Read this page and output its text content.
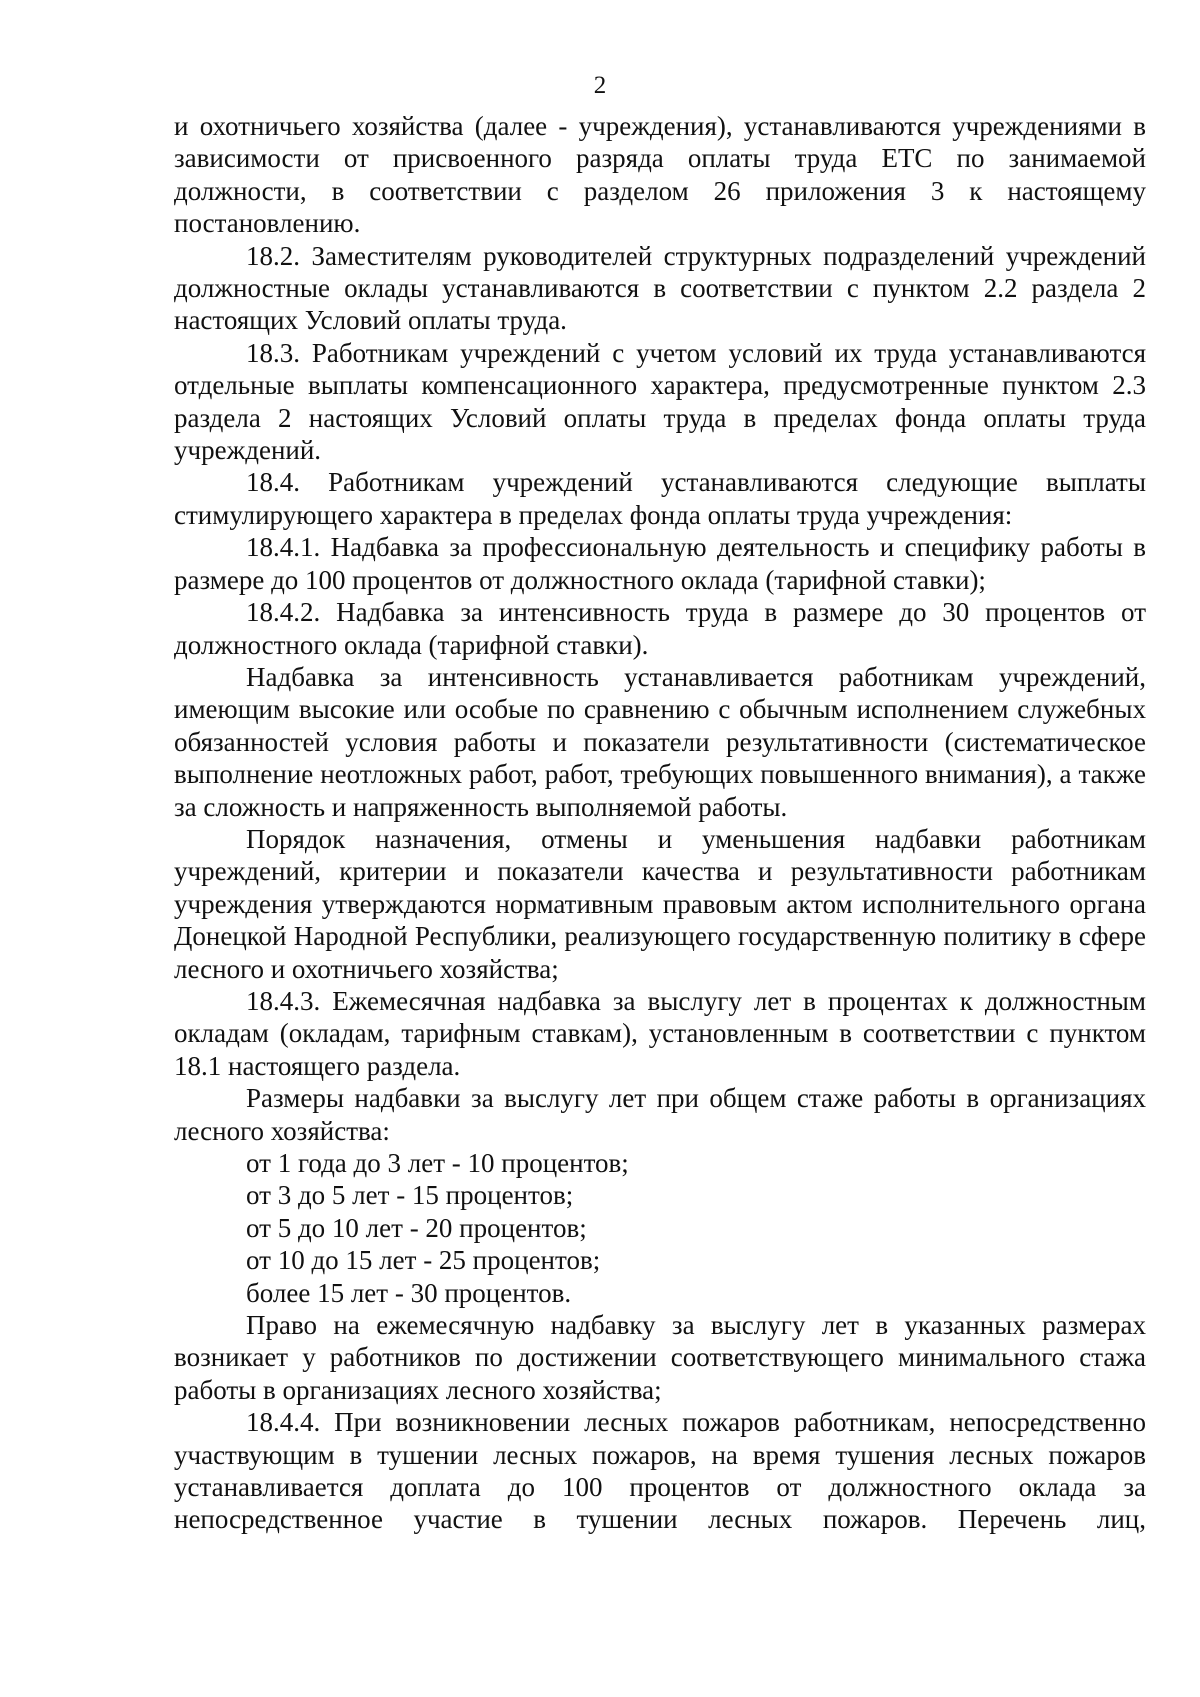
2

и охотничьего хозяйства (далее - учреждения), устанавливаются учреждениями в зависимости от присвоенного разряда оплаты труда ЕТС по занимаемой должности, в соответствии с разделом 26 приложения 3 к настоящему постановлению.

18.2. Заместителям руководителей структурных подразделений учреждений должностные оклады устанавливаются в соответствии с пунктом 2.2 раздела 2 настоящих Условий оплаты труда.

18.3. Работникам учреждений с учетом условий их труда устанавливаются отдельные выплаты компенсационного характера, предусмотренные пунктом 2.3 раздела 2 настоящих Условий оплаты труда в пределах фонда оплаты труда учреждений.

18.4. Работникам учреждений устанавливаются следующие выплаты стимулирующего характера в пределах фонда оплаты труда учреждения:

18.4.1. Надбавка за профессиональную деятельность и специфику работы в размере до 100 процентов от должностного оклада (тарифной ставки);

18.4.2. Надбавка за интенсивность труда в размере до 30 процентов от должностного оклада (тарифной ставки).

Надбавка за интенсивность устанавливается работникам учреждений, имеющим высокие или особые по сравнению с обычным исполнением служебных обязанностей условия работы и показатели результативности (систематическое выполнение неотложных работ, работ, требующих повышенного внимания), а также за сложность и напряженность выполняемой работы.

Порядок назначения, отмены и уменьшения надбавки работникам учреждений, критерии и показатели качества и результативности работникам учреждения утверждаются нормативным правовым актом исполнительного органа Донецкой Народной Республики, реализующего государственную политику в сфере лесного и охотничьего хозяйства;

18.4.3. Ежемесячная надбавка за выслугу лет в процентах к должностным окладам (окладам, тарифным ставкам), установленным в соответствии с пунктом 18.1 настоящего раздела.

Размеры надбавки за выслугу лет при общем стаже работы в организациях лесного хозяйства:

от 1 года до 3 лет - 10 процентов;

от 3 до 5 лет - 15 процентов;

от 5 до 10 лет - 20 процентов;

от 10 до 15 лет - 25 процентов;

более 15 лет - 30 процентов.

Право на ежемесячную надбавку за выслугу лет в указанных размерах возникает у работников по достижении соответствующего минимального стажа работы в организациях лесного хозяйства;

18.4.4. При возникновении лесных пожаров работникам, непосредственно участвующим в тушении лесных пожаров, на время тушения лесных пожаров устанавливается доплата до 100 процентов от должностного оклада за непосредственное участие в тушении лесных пожаров. Перечень лиц,
